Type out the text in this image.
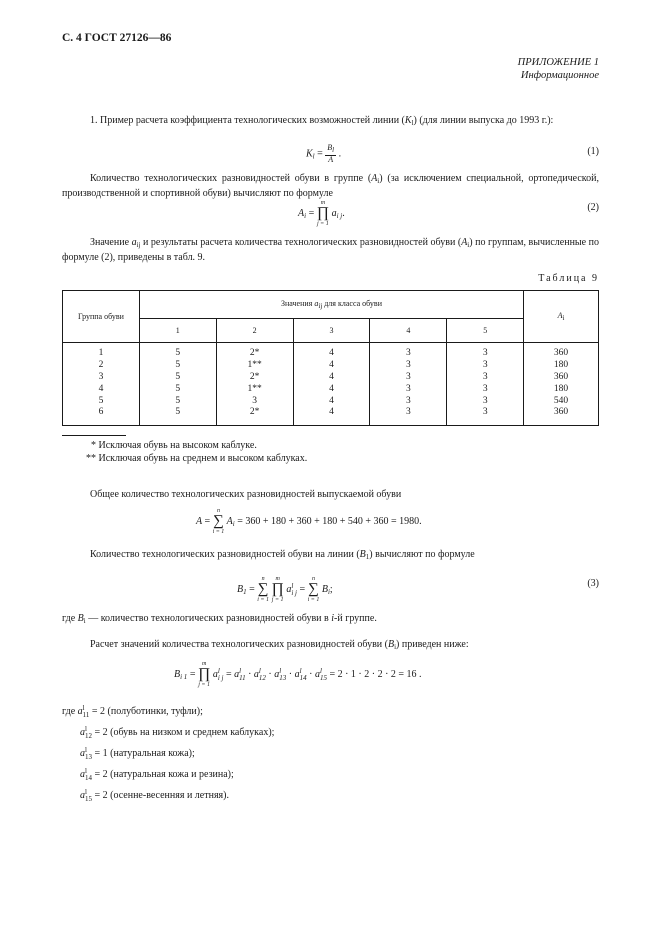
С. 4 ГОСТ 27126—86
ПРИЛОЖЕНИЕ 1
Информационное
1. Пример расчета коэффициента технологических возможностей линии $(K_l)$ (для линии выпуска до 1993 г.):
$K_l = \frac{Bl}{A}$ .	(1)
Количество технологических разновидностей обуви в группе $(A_i)$ (за исключением специальной, ортопедической, производственной и спортивной обуви) вычисляют по формуле
$A_i$ =
m
∏
j = 1
$a_{i j}$.
(2)
Значение $a_{ij}$ и результаты расчета количества технологических разновидностей обуви $(A_i)$ по группам, вычисленные по формуле (2), приведены в табл. 9.
Таблица 9
Группа обуви	Значения aij для класса обуви					Ai
	1	2	3	4	5	
1	5	2*	4	3	3	360
2	5	1**	4	3	3	180
3	5	2*	4	3	3	360
4	5	1**	4	3	3	180
5	5	3	4	3	3	540
6	5	2*	4	3	3	360
* Исключая обувь на высоком каблуке.
** Исключая обувь на среднем и высоком каблуках.
Общее количество технологических разновидностей выпускаемой обуви
A =
n
∑
i = 1
$A_i = 360 + 180 + 360 + 180 + 540 + 360 = 1980$.
Количество технологических разновидностей обуви на линии $(B_1)$ вычисляют по формуле
$B_1$ =
n
∑
i = 1

m
∏
j = 1
a l
i j =
n
∑
i = 1
$B_i$;
(3)
где $B_i$ — количество технологических разновидностей обуви в i-й группе.
Расчет значений количества технологических разновидностей обуви $(B_i)$ приведен ниже:
$B_{i 1}$ =
m
∏
j = 1
a l
i j = a l
11 · a l
12 · a l
13 · a l
14 · a l
15 = 2 · 1 · 2 · 2 · 2 = 16 .
где a l
11 = 2 (полуботинки, туфли);
a l
12 = 2 (обувь на низком и среднем каблуках);
a l
13 = 1 (натуральная кожа);
a l
14 = 2 (натуральная кожа и резина);
a l
15 = 2 (осенне-весенняя и летняя).
